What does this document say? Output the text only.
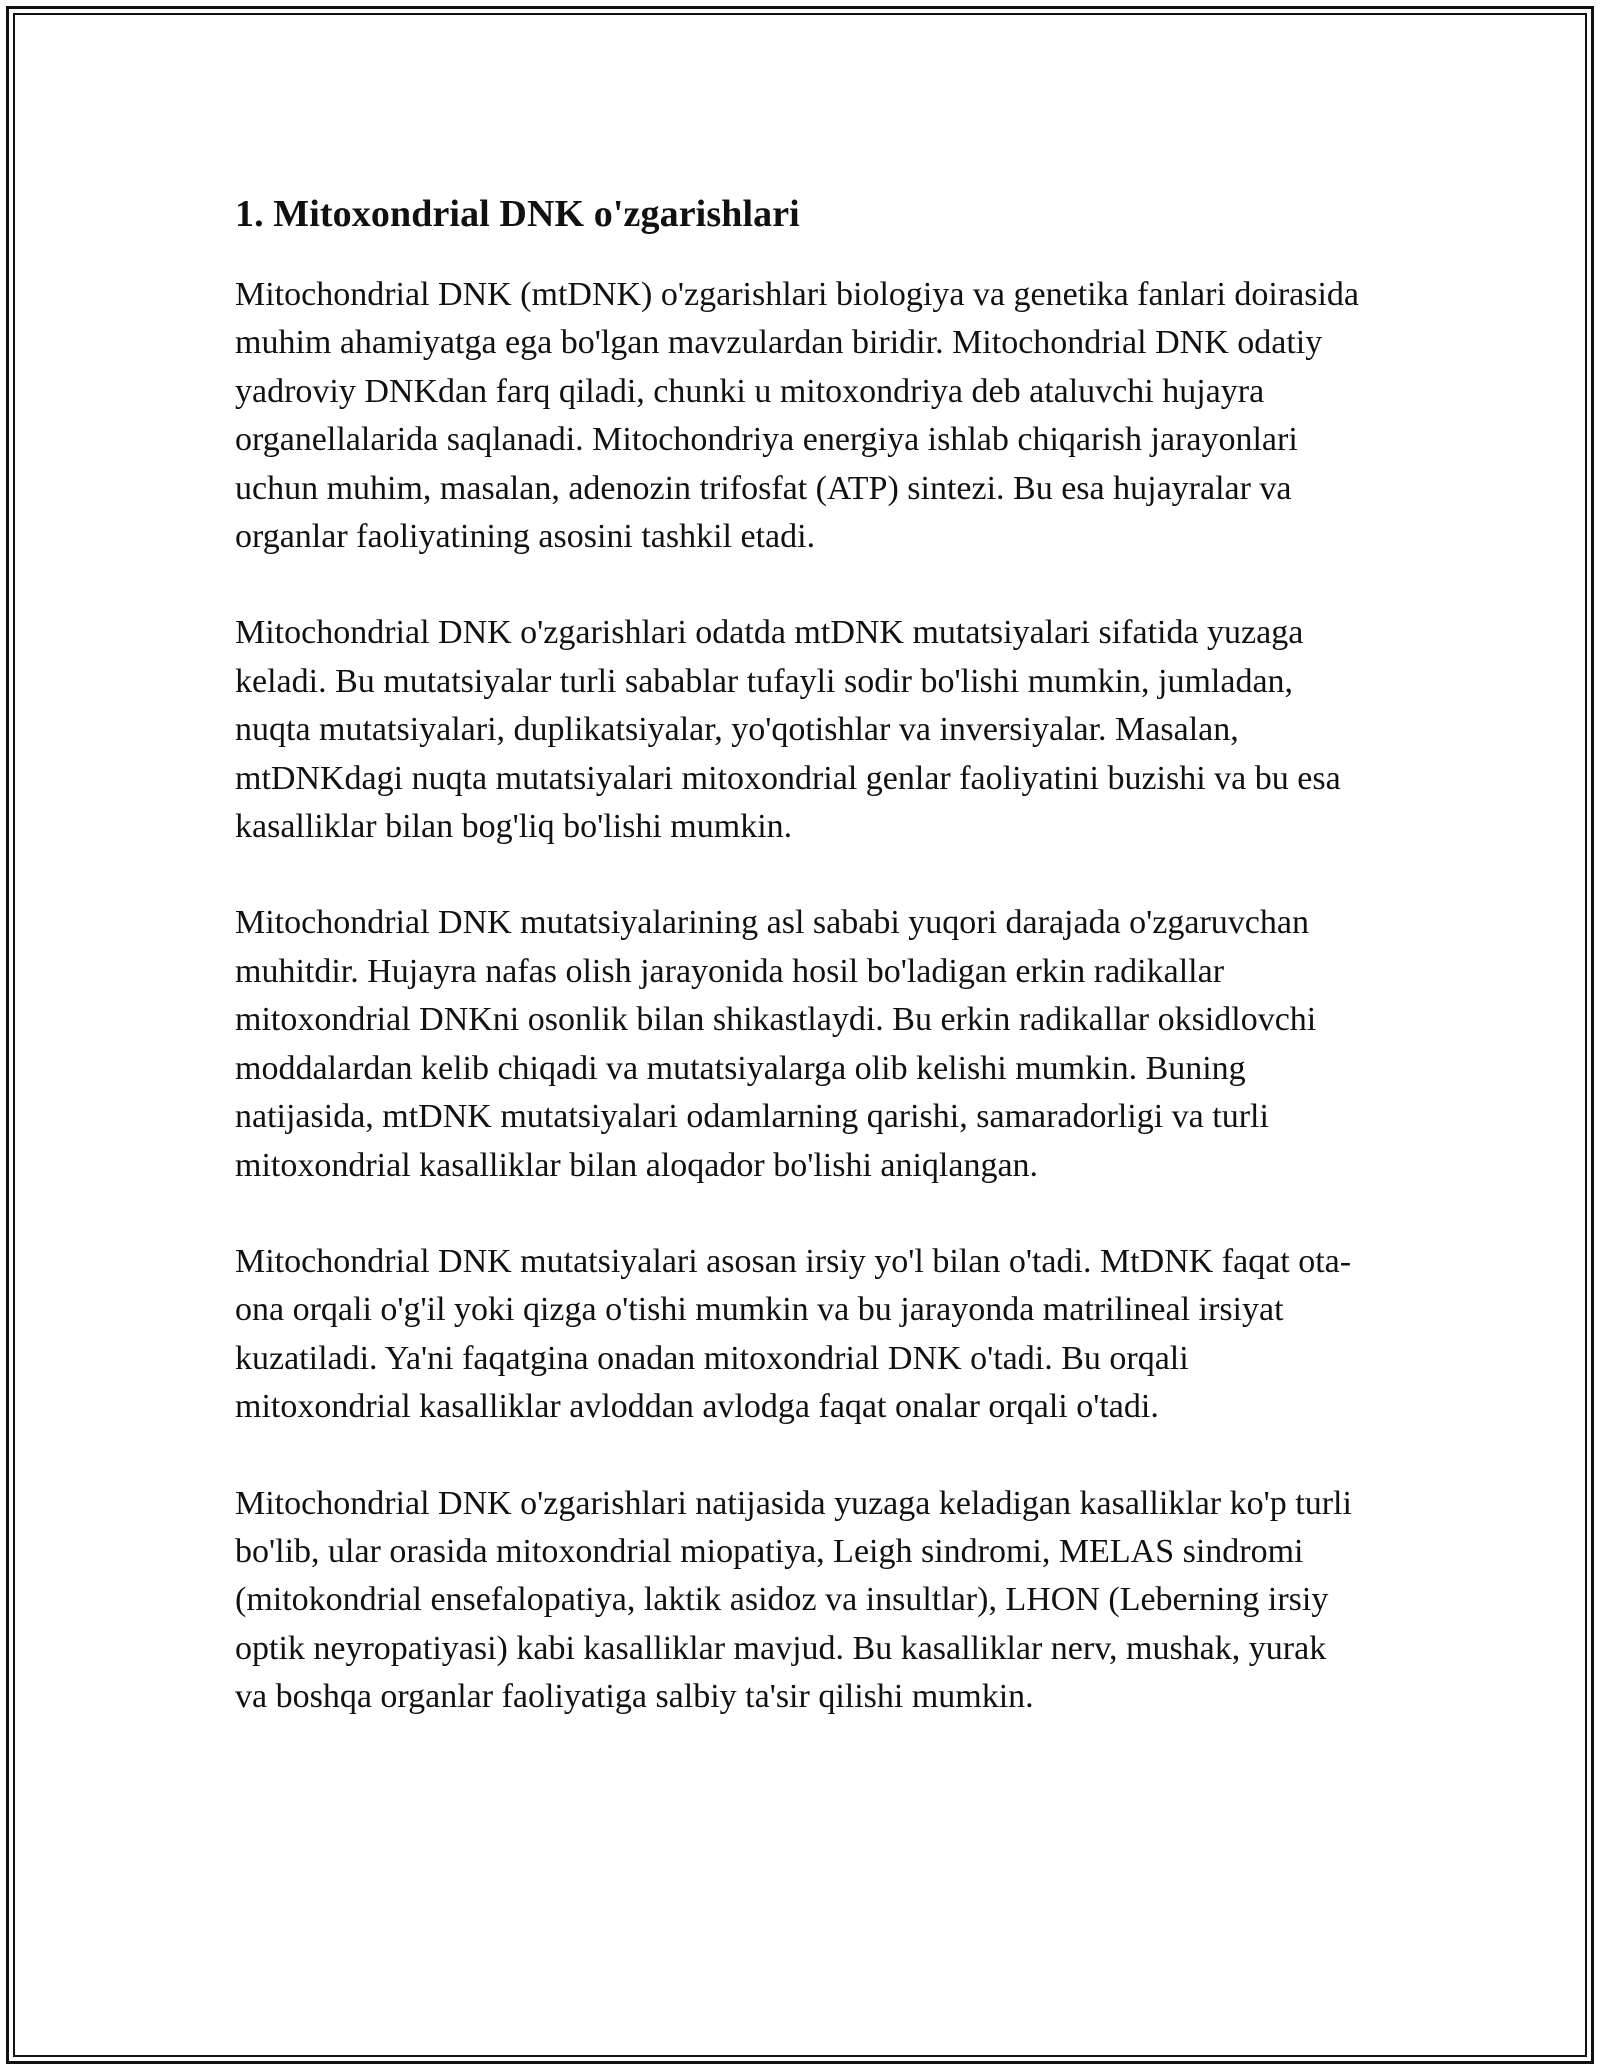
1. Mitoxondrial DNK o'zgarishlari

Mitochondrial DNK (mtDNK) o'zgarishlari biologiya va genetika fanlari doirasida muhim ahamiyatga ega bo'lgan mavzulardan biridir. Mitochondrial DNK odatiy yadroviy DNKdan farq qiladi, chunki u mitoxondriya deb ataluvchi hujayra organellalarida saqlanadi. Mitochondriya energiya ishlab chiqarish jarayonlari uchun muhim, masalan, adenozin trifosfat (ATP) sintezi. Bu esa hujayralar va organlar faoliyatining asosini tashkil etadi.

Mitochondrial DNK o'zgarishlari odatda mtDNK mutatsiyalari sifatida yuzaga keladi. Bu mutatsiyalar turli sabablar tufayli sodir bo'lishi mumkin, jumladan, nuqta mutatsiyalari, duplikatsiyalar, yo'qotishlar va inversiyalar. Masalan, mtDNKdagi nuqta mutatsiyalari mitoxondrial genlar faoliyatini buzishi va bu esa kasalliklar bilan bog'liq bo'lishi mumkin.

Mitochondrial DNK mutatsiyalarining asl sababi yuqori darajada o'zgaruvchan muhitdir. Hujayra nafas olish jarayonida hosil bo'ladigan erkin radikallar mitoxondrial DNKni osonlik bilan shikastlaydi. Bu erkin radikallar oksidlovchi moddalardan kelib chiqadi va mutatsiyalarga olib kelishi mumkin. Buning natijasida, mtDNK mutatsiyalari odamlarning qarishi, samaradorligi va turli mitoxondrial kasalliklar bilan aloqador bo'lishi aniqlangan.

Mitochondrial DNK mutatsiyalari asosan irsiy yo'l bilan o'tadi. MtDNK faqat ota-ona orqali o'g'il yoki qizga o'tishi mumkin va bu jarayonda matrilineal irsiyat kuzatiladi. Ya'ni faqatgina onadan mitoxondrial DNK o'tadi. Bu orqali mitoxondrial kasalliklar avloddan avlodga faqat onalar orqali o'tadi.

Mitochondrial DNK o'zgarishlari natijasida yuzaga keladigan kasalliklar ko'p turli bo'lib, ular orasida mitoxondrial miopatiya, Leigh sindromi, MELAS sindromi (mitokondrial ensefalopatiya, laktik asidoz va insultlar), LHON (Leberning irsiy optik neyropatiyasi) kabi kasalliklar mavjud. Bu kasalliklar nerv, mushak, yurak va boshqa organlar faoliyatiga salbiy ta'sir qilishi mumkin.
